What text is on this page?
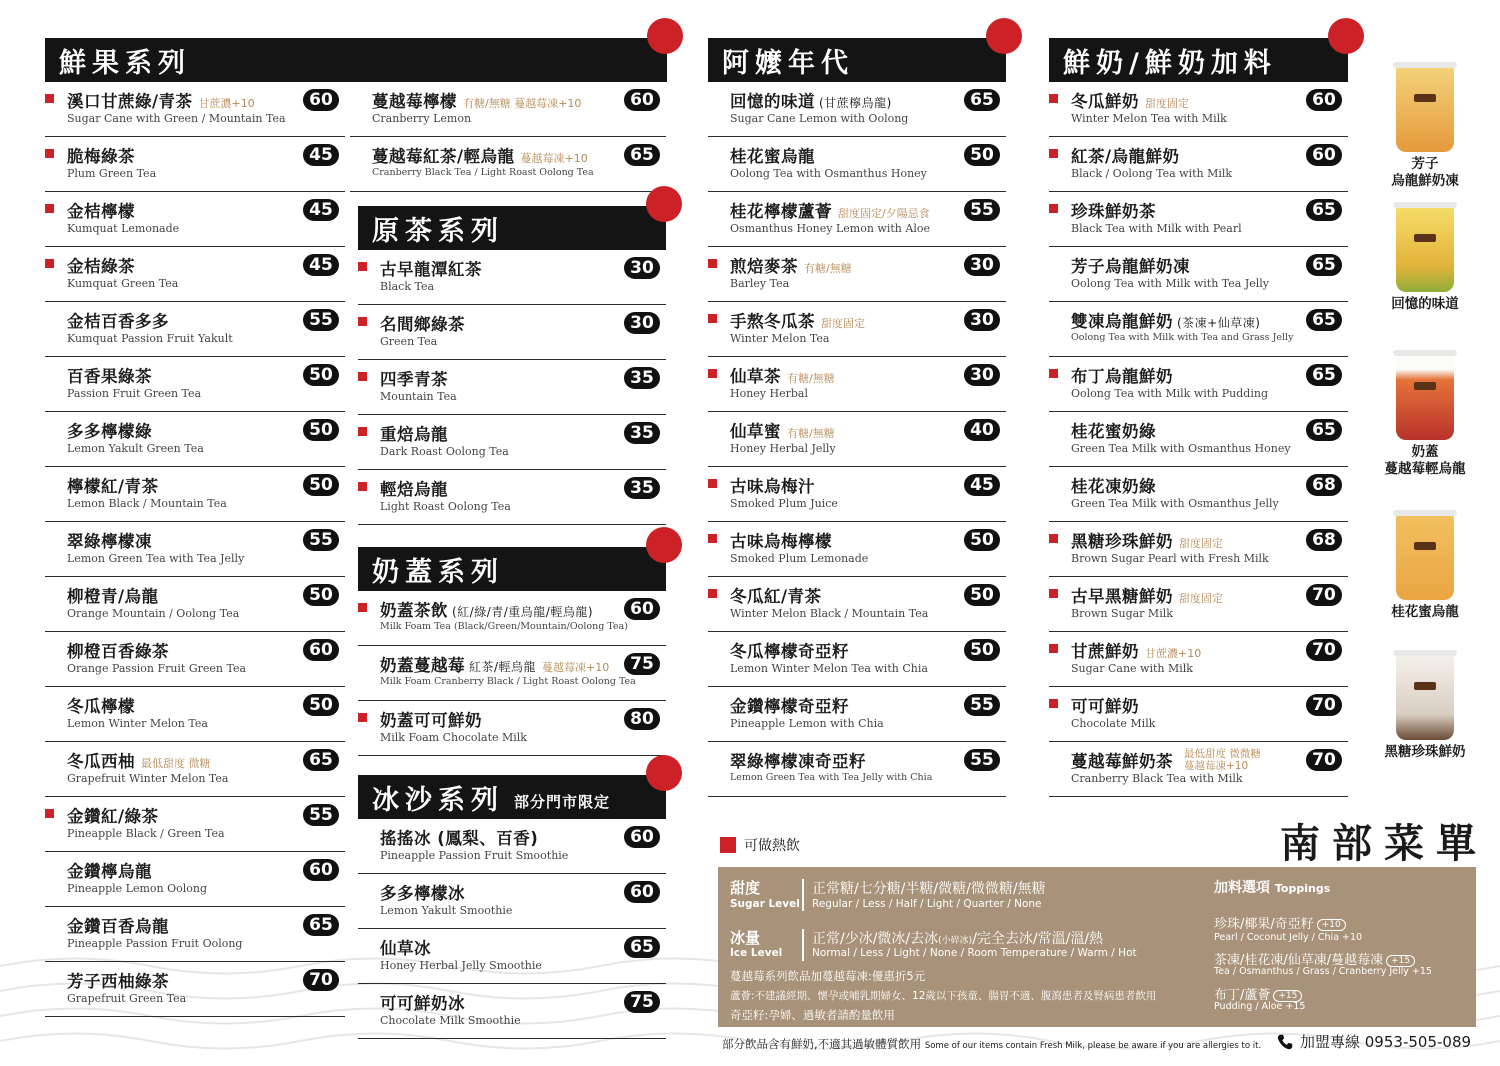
鮮果系列
溪口甘蔗綠/青茶 甘蔗濃+10
Sugar Cane with Green / Mountain Tea
60
脆梅綠茶
Plum Green Tea
45
金桔檸檬
Kumquat Lemonade
45
金桔綠茶
Kumquat Green Tea
45
金桔百香多多
Kumquat Passion Fruit Yakult
55
百香果綠茶
Passion Fruit Green Tea
50
多多檸檬綠
Lemon Yakult Green Tea
50
檸檬紅/青茶
Lemon Black / Mountain Tea
50
翠綠檸檬凍
Lemon Green Tea with Tea Jelly
55
柳橙青/烏龍
Orange Mountain / Oolong Tea
50
柳橙百香綠茶
Orange Passion Fruit Green Tea
60
冬瓜檸檬
Lemon Winter Melon Tea
50
冬瓜西柚 最低甜度 微糖
Grapefruit Winter Melon Tea
65
金鑽紅/綠茶
Pineapple Black / Green Tea
55
金鑽檸烏龍
Pineapple Lemon Oolong
60
金鑽百香烏龍
Pineapple Passion Fruit Oolong
65
芳子西柚綠茶
Grapefruit Green Tea
70
蔓越莓檸檬 有糖/無糖 蔓越莓凍+10
Cranberry Lemon
60
蔓越莓紅茶/輕烏龍 蔓越莓凍+10
Cranberry Black Tea / Light Roast Oolong Tea
65
原茶系列
古早龍潭紅茶
Black Tea
30
名間鄉綠茶
Green Tea
30
四季青茶
Mountain Tea
35
重焙烏龍
Dark Roast Oolong Tea
35
輕焙烏龍
Light Roast Oolong Tea
35
奶蓋系列
奶蓋茶飲 (紅/綠/青/重烏龍/輕烏龍)
Milk Foam Tea (Black/Green/Mountain/Oolong Tea)
60
奶蓋蔓越莓 紅茶/輕烏龍 蔓越莓凍+10
Milk Foam Cranberry Black / Light Roast Oolong Tea
75
奶蓋可可鮮奶
Milk Foam Chocolate Milk
80
冰沙系列 部分門市限定
搖搖冰 (鳳梨、百香)
Pineapple Passion Fruit Smoothie
60
多多檸檬冰
Lemon Yakult Smoothie
60
仙草冰
Honey Herbal Jelly Smoothie
65
可可鮮奶冰
Chocolate Milk Smoothie
75
阿嬤年代
回憶的味道 (甘蔗檸烏龍)
Sugar Cane Lemon with Oolong
65
桂花蜜烏龍
Oolong Tea with Osmanthus Honey
50
桂花檸檬蘆薈 甜度固定/夕陽忌食
Osmanthus Honey Lemon with Aloe
55
煎焙麥茶 有糖/無糖
Barley Tea
30
手熬冬瓜茶 甜度固定
Winter Melon Tea
30
仙草茶 有糖/無糖
Honey Herbal
30
仙草蜜 有糖/無糖
Honey Herbal Jelly
40
古味烏梅汁
Smoked Plum Juice
45
古味烏梅檸檬
Smoked Plum Lemonade
50
冬瓜紅/青茶
Winter Melon Black / Mountain Tea
50
冬瓜檸檬奇亞籽
Lemon Winter Melon Tea with Chia
50
金鑽檸檬奇亞籽
Pineapple Lemon with Chia
55
翠綠檸檬凍奇亞籽
Lemon Green Tea with Tea Jelly with Chia
55
鮮奶/鮮奶加料
冬瓜鮮奶 甜度固定
Winter Melon Tea with Milk
60
紅茶/烏龍鮮奶
Black / Oolong Tea with Milk
60
珍珠鮮奶茶
Black Tea with Milk with Pearl
65
芳子烏龍鮮奶凍
Oolong Tea with Milk with Tea Jelly
65
雙凍烏龍鮮奶 (茶凍+仙草凍)
Oolong Tea with Milk with Tea and Grass Jelly
65
布丁烏龍鮮奶
Oolong Tea with Milk with Pudding
65
桂花蜜奶綠
Green Tea Milk with Osmanthus Honey
65
桂花凍奶綠
Green Tea Milk with Osmanthus Jelly
68
黑糖珍珠鮮奶 甜度固定
Brown Sugar Pearl with Fresh Milk
68
古早黑糖鮮奶 甜度固定
Brown Sugar Milk
70
甘蔗鮮奶 甘蔗濃+10
Sugar Cane with Milk
70
可可鮮奶
Chocolate Milk
70
蔓越莓鮮奶茶
Cranberry Black Tea with Milk
70
最低甜度 微微糖
蔓越莓凍+10
芳子
烏龍鮮奶凍
回憶的味道
奶蓋
蔓越莓輕烏龍
桂花蜜烏龍
黑糖珍珠鮮奶
可做熱飲	南部菜單
甜度
Sugar Level
正常糖/七分糖/半糖/微糖/微微糖/無糖
Regular / Less / Half / Light / Quarter / None
冰量
Ice Level
正常/少冰/微冰/去冰(小碎冰)/完全去冰/常溫/溫/熱
Normal / Less / Light / None / Room Temperature / Warm / Hot
蔓越莓系列飲品加蔓越莓凍:優惠折5元
蘆薈:不建議經期、懷孕或哺乳期婦女、12歲以下孩童、腸胃不適、腹瀉患者及腎病患者飲用
奇亞籽:孕婦、過敏者請酌量飲用
加料選項 Toppings
珍珠/椰果/奇亞籽 +10
Pearl / Coconut Jelly / Chia +10
茶凍/桂花凍/仙草凍/蔓越莓凍 +15
Tea / Osmanthus / Grass / Cranberry Jelly +15
布丁/蘆薈 +15
Pudding / Aloe +15
部分飲品含有鮮奶,不適其過敏體質飲用 Some of our items contain Fresh Milk, please be aware if you are allergies to it.	加盟專線 0953-505-089
